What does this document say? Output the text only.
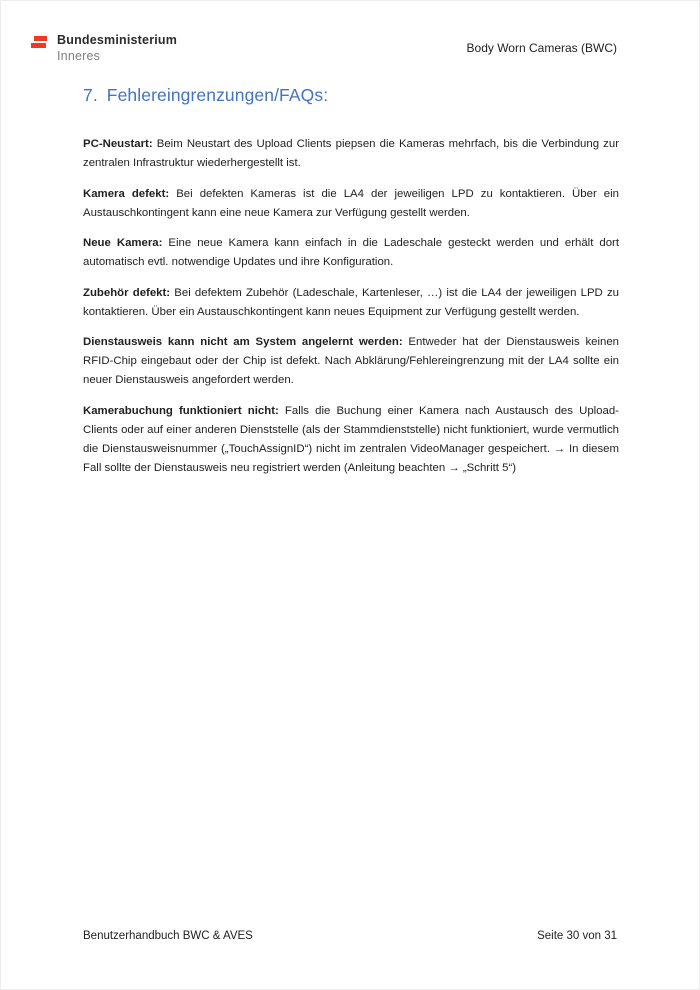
Bundesministerium
Inneres
Body Worn Cameras (BWC)
7. Fehlereingrenzungen/FAQs:

PC-Neustart: Beim Neustart des Upload Clients piepsen die Kameras mehrfach, bis die Verbindung zur zentralen Infrastruktur wiederhergestellt ist.

Kamera defekt: Bei defekten Kameras ist die LA4 der jeweiligen LPD zu kontaktieren. Über ein Austauschkontingent kann eine neue Kamera zur Verfügung gestellt werden.

Neue Kamera: Eine neue Kamera kann einfach in die Ladeschale gesteckt werden und erhält dort automatisch evtl. notwendige Updates und ihre Konfiguration.

Zubehör defekt: Bei defektem Zubehör (Ladeschale, Kartenleser, …) ist die LA4 der jeweiligen LPD zu kontaktieren. Über ein Austauschkontingent kann neues Equipment zur Verfügung gestellt werden.

Dienstausweis kann nicht am System angelernt werden: Entweder hat der Dienstausweis keinen RFID-Chip eingebaut oder der Chip ist defekt. Nach Abklärung/Fehlereingrenzung mit der LA4 sollte ein neuer Dienstausweis angefordert werden.

Kamerabuchung funktioniert nicht: Falls die Buchung einer Kamera nach Austausch des Upload-Clients oder auf einer anderen Dienststelle (als der Stammdienststelle) nicht funktioniert, wurde vermutlich die Dienstausweisnummer („TouchAssignID“) nicht im zentralen VideoManager gespeichert. → In diesem Fall sollte der Dienstausweis neu registriert werden (Anleitung beachten → „Schritt 5“)

Benutzerhandbuch BWC & AVES	Seite 30 von 31
